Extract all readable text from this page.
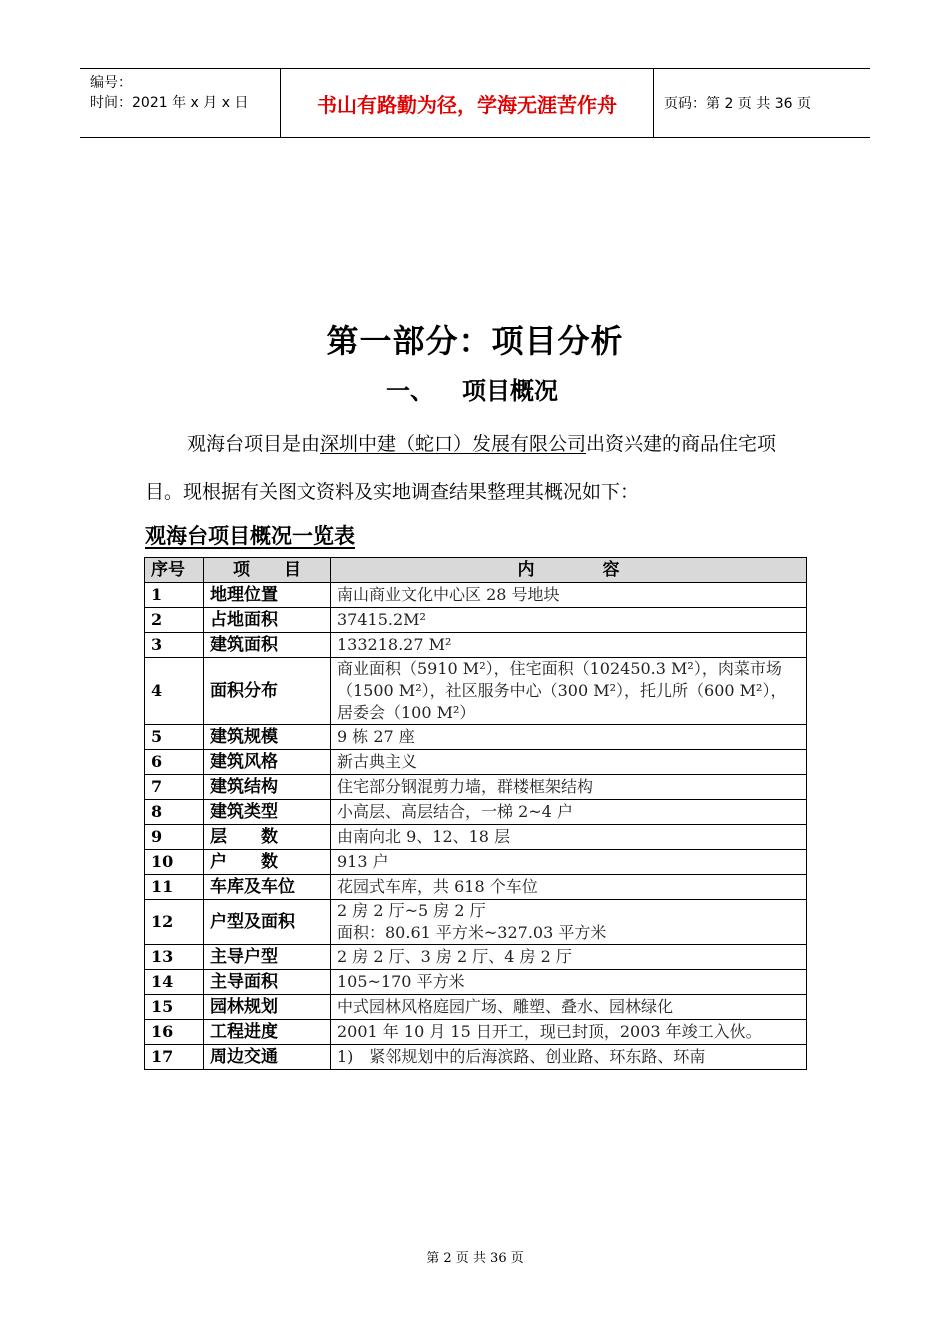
编号：
时间：2021 年 x 月 x 日	书山有路勤为径，学海无涯苦作舟	页码：第 2 页 共 36 页
第一部分：项目分析
一、 项目概况
观海台项目是由深圳中建（蛇口）发展有限公司出资兴建的商品住宅项目。现根据有关图文资料及实地调查结果整理其概况如下：
观海台项目概况一览表
序号	项　　目	内　　　　容
1	地理位置	南山商业文化中心区 28 号地块
2	占地面积	37415.2M²
3	建筑面积	133218.27 M²
4	面积分布	商业面积（5910 M²），住宅面积（102450.3 M²），肉菜市场（1500 M²），社区服务中心（300 M²），托儿所（600 M²），居委会（100 M²）
5	建筑规模	9 栋 27 座
6	建筑风格	新古典主义
7	建筑结构	住宅部分钢混剪力墙，群楼框架结构
8	建筑类型	小高层、高层结合，一梯 2~4 户
9	层　　数	由南向北 9、12、18 层
10	户　　数	913 户
11	车库及车位	花园式车库，共 618 个车位
12	户型及面积	2 房 2 厅~5 房 2 厅
面积：80.61 平方米~327.03 平方米

13	主导户型	2 房 2 厅、3 房 2 厅、4 房 2 厅
14	主导面积	105~170 平方米
15	园林规划	中式园林风格庭园广场、雕塑、叠水、园林绿化
16	工程进度	2001 年 10 月 15 日开工，现已封顶，2003 年竣工入伙。
17	周边交通	1)　紧邻规划中的后海滨路、创业路、环东路、环南
第 2 页 共 36 页
